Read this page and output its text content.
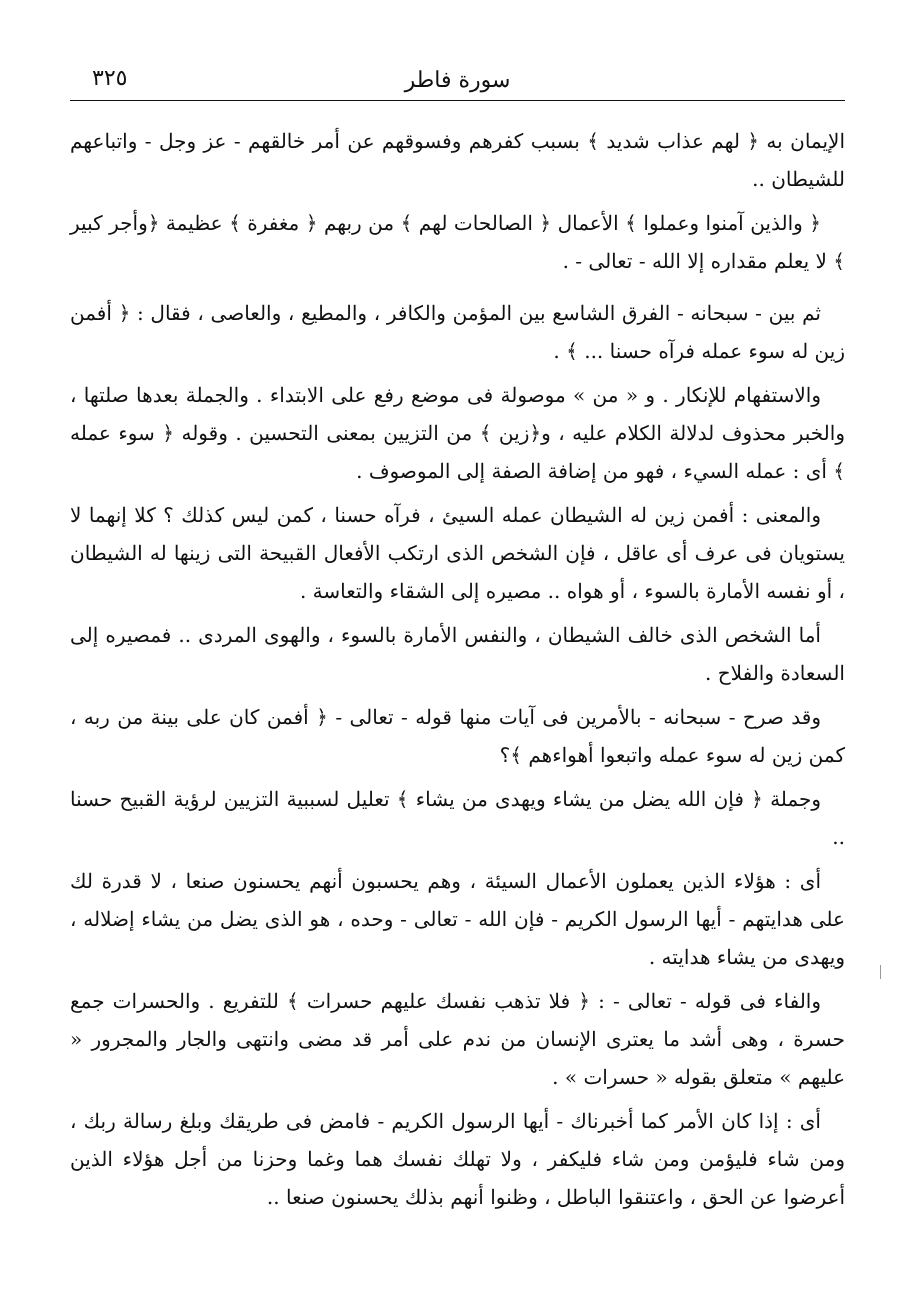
سورة فاطر
٣٢٥

الإيمان به ﴿ لهم عذاب شديد ﴾ بسبب كفرهم وفسوقهم عن أمر خالقهم - عز وجل - واتباعهم للشيطان ..

﴿ والذين آمنوا وعملوا ﴾ الأعمال ﴿ الصالحات لهم ﴾ من ربهم ﴿ مغفرة ﴾ عظيمة ﴿وأجر كبير ﴾ لا يعلم مقداره إلا الله - تعالى - .

ثم بين - سبحانه - الفرق الشاسع بين المؤمن والكافر ، والمطيع ، والعاصى ، فقال : ﴿ أفمن زين له سوء عمله فرآه حسنا ... ﴾ .

والاستفهام للإنكار . و « من » موصولة فى موضع رفع على الابتداء . والجملة بعدها صلتها ، والخبر محذوف لدلالة الكلام عليه ، و﴿زين ﴾ من التزيين بمعنى التحسين . وقوله ﴿ سوء عمله ﴾ أى : عمله السيء ، فهو من إضافة الصفة إلى الموصوف .

والمعنى : أفمن زين له الشيطان عمله السيئ ، فرآه حسنا ، كمن ليس كذلك ؟ كلا إنهما لا يستويان فى عرف أى عاقل ، فإن الشخص الذى ارتكب الأفعال القبيحة التى زينها له الشيطان ، أو نفسه الأمارة بالسوء ، أو هواه .. مصيره إلى الشقاء والتعاسة .

أما الشخص الذى خالف الشيطان ، والنفس الأمارة بالسوء ، والهوى المردى .. فمصيره إلى السعادة والفلاح .

وقد صرح - سبحانه - بالأمرين فى آيات منها قوله - تعالى - ﴿ أفمن كان على بينة من ربه ، كمن زين له سوء عمله واتبعوا أهواءهم ﴾؟

وجملة ﴿ فإن الله يضل من يشاء ويهدى من يشاء ﴾ تعليل لسببية التزيين لرؤية القبيح حسنا ..

أى : هؤلاء الذين يعملون الأعمال السيئة ، وهم يحسبون أنهم يحسنون صنعا ، لا قدرة لك على هدايتهم - أيها الرسول الكريم - فإن الله - تعالى - وحده ، هو الذى يضل من يشاء إضلاله ، ويهدى من يشاء هدايته .

والفاء فى قوله - تعالى - : ﴿ فلا تذهب نفسك عليهم حسرات ﴾ للتفريع . والحسرات جمع حسرة ، وهى أشد ما يعترى الإنسان من ندم على أمر قد مضى وانتهى والجار والمجرور « عليهم » متعلق بقوله « حسرات » .

أى : إذا كان الأمر كما أخبرناك - أيها الرسول الكريم - فامض فى طريقك وبلغ رسالة ربك ، ومن شاء فليؤمن ومن شاء فليكفر ، ولا تهلك نفسك هما وغما وحزنا من أجل هؤلاء الذين أعرضوا عن الحق ، واعتنقوا الباطل ، وظنوا أنهم بذلك يحسنون صنعا ..
